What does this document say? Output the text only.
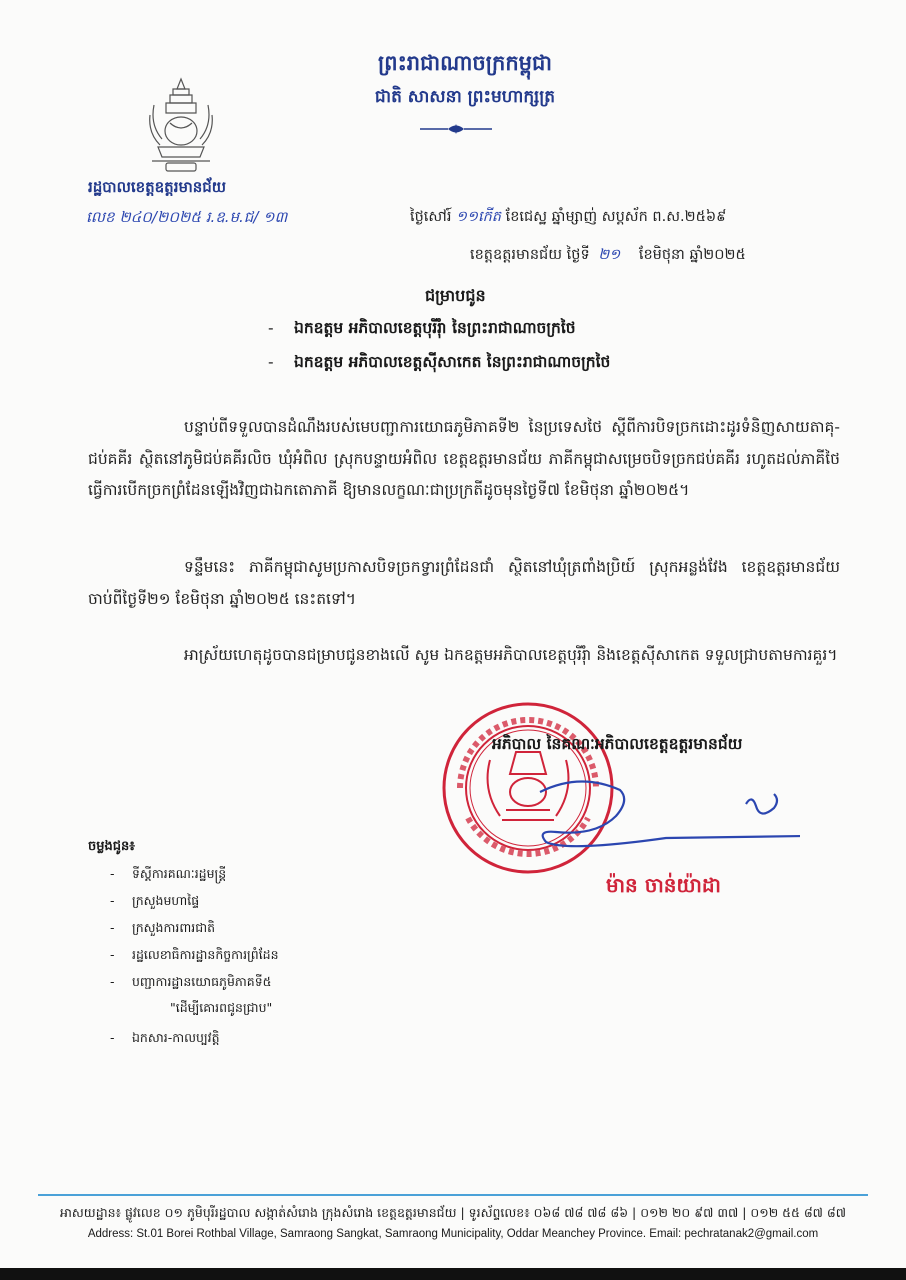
ព្រះរាជាណាចក្រកម្ពុជា
ជាតិ សាសនា ព្រះមហាក្សត្រ
រដ្ឋបាលខេត្តឧត្តរមានជ័យ
លេខ ២៤០/២០២៥ រ.ឧ.ម.ជ/ ១៣	ថ្ងៃសៅរ៍ ១១កើត ខែជេស្ឋ ឆ្នាំម្សាញ់ សប្តស័ក ព.ស.២៥៦៩
ខេត្តឧត្តរមានជ័យ ថ្ងៃទី ២១ ខែមិថុនា ឆ្នាំ២០២៥
ជម្រាបជូន
- ឯកឧត្តម អភិបាលខេត្តបុរីរុំា នៃព្រះរាជាណាចក្រថៃ
- ឯកឧត្តម អភិបាលខេត្តស៊ីសាកេត នៃព្រះរាជាណាចក្រថៃ
បន្ទាប់ពីទទួលបានដំណឹងរបស់មេបញ្ជាការយោធភូមិភាគទី២ នៃប្រទេសថៃ ស្ដីពីការបិទច្រកដោះដូរទំនិញសាយតាគុ-ជប់គគីរ ស្ថិតនៅភូមិជប់គគីរលិច ឃុំអំពិល ស្រុកបន្ទាយអំពិល ខេត្តឧត្តរមានជ័យ ភាគីកម្ពុជាសម្រេចបិទច្រកជប់គគីរ រហូតដល់ភាគីថៃធ្វើការបើកច្រកព្រំដែនឡើងវិញជាឯកតោភាគី ឱ្យមានលក្ខណៈជាប្រក្រតីដូចមុនថ្ងៃទី៧ ខែមិថុនា ឆ្នាំ២០២៥។
ទន្ទឹមនេះ ភាគីកម្ពុជាសូមប្រកាសបិទច្រកទ្វារព្រំដែនជាំ ស្ថិតនៅឃុំត្រពាំងប្រិយ៍ ស្រុកអន្លង់វែង ខេត្តឧត្តរមានជ័យ ចាប់ពីថ្ងៃទី២១ ខែមិថុនា ឆ្នាំ២០២៥ នេះតទៅ។
អាស្រ័យហេតុដូចបានជម្រាបជូនខាងលើ សូម ឯកឧត្តមអភិបាលខេត្តបុរីរុំា និងខេត្តស៊ីសាកេត ទទួលជ្រាបតាមការគួរ។
អភិបាល នៃគណៈអភិបាលខេត្តឧត្តរមានជ័យ
ម៉ាន ចាន់យ៉ាដា
ចម្លងជូន៖
- ទីស្ដីការគណៈរដ្ឋមន្ត្រី
- ក្រសួងមហាផ្ទៃ
- ក្រសួងការពារជាតិ
- រដ្ឋលេខាធិការដ្ឋានកិច្ចការព្រំដែន
- បញ្ជាការដ្ឋានយោធភូមិភាគទី៥
"ដើម្បីគោរពជូនជ្រាប"
- ឯកសារ-កាលប្បវត្តិ
អាសយដ្ឋាន៖ ផ្លូវលេខ ០១ ភូមិបុរីរដ្ឋបាល សង្កាត់សំរោង ក្រុងសំរោង ខេត្តឧត្តរមានជ័យ | ទូរស័ព្ទលេខ៖ ០៦៨ ៧៨ ៧៨ ៨៦ | ០១២ ២០ ៩៧ ៣៧ | ០១២ ៥៥ ៨៧ ៨៧
Address: St.01 Borei Rothbal Village, Samraong Sangkat, Samraong Municipality, Oddar Meanchey Province. Email: pechratanak2@gmail.com
